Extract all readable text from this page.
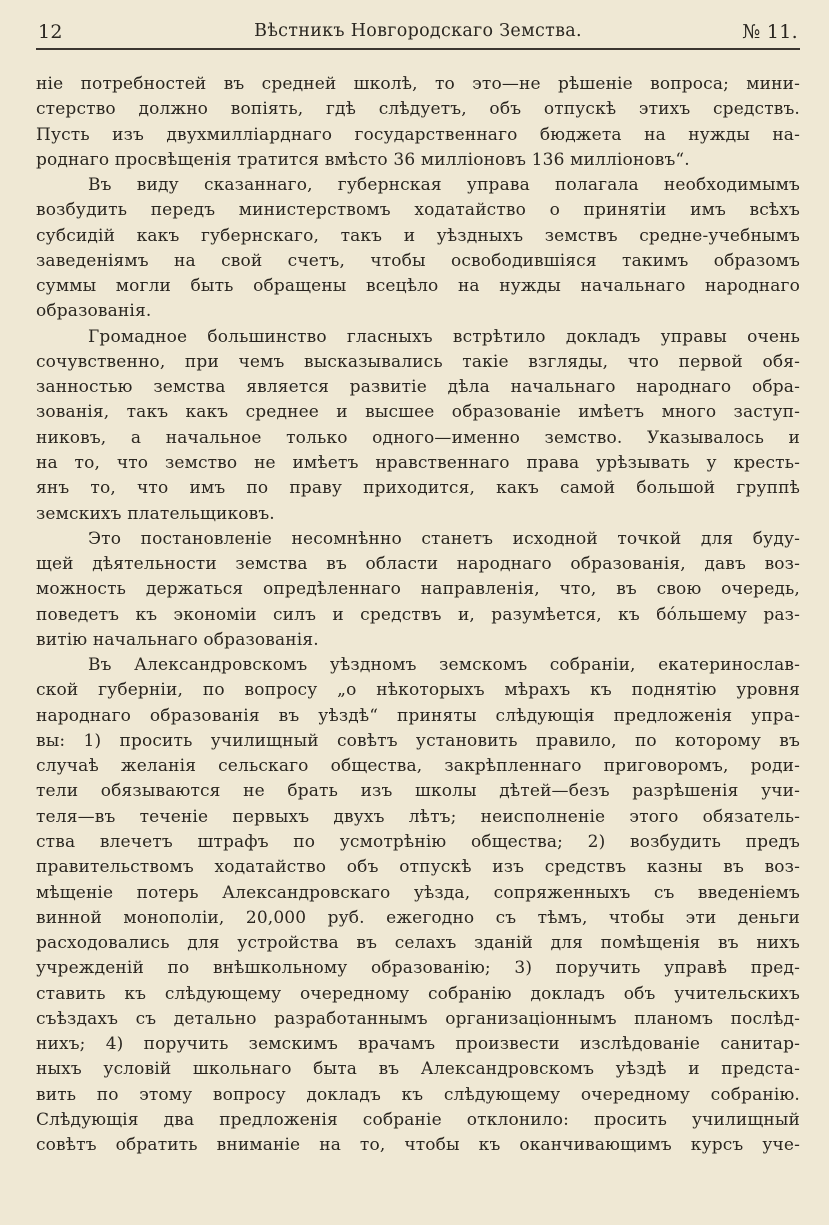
12	Вѣстникъ Новгородскаго Земства.	№ 11.
ніе потребностей въ средней школѣ, то это—не рѣшеніе вопроса; мини-
стерство должно вопіять, гдѣ слѣдуетъ, объ отпускѣ этихъ средствъ.
Пусть изъ двухмилліарднаго государственнаго бюджета на нужды на-
роднаго просвѣщенія тратится вмѣсто 36 милліоновъ 136 милліоновъ“.
Въ виду сказаннаго, губернская управа полагала необходимымъ
возбудить передъ министерствомъ ходатайство о принятіи имъ всѣхъ
субсидій какъ губернскаго, такъ и уѣздныхъ земствъ средне-учебнымъ
заведеніямъ на свой счетъ, чтобы освободившіяся такимъ образомъ
суммы могли быть обращены всецѣло на нужды начальнаго народнаго
образованія.
Громадное большинство гласныхъ встрѣтило докладъ управы очень
сочувственно, при чемъ высказывались такіе взгляды, что первой обя-
занностью земства является развитіе дѣла начальнаго народнаго обра-
зованія, такъ какъ среднее и высшее образованіе имѣетъ много заступ-
никовъ, а начальное только одного—именно земство. Указывалось и
на то, что земство не имѣетъ нравственнаго права урѣзывать у кресть-
янъ то, что имъ по праву приходится, какъ самой большой группѣ
земскихъ плательщиковъ.
Это постановленіе несомнѣнно станетъ исходной точкой для буду-
щей дѣятельности земства въ области народнаго образованія, давъ воз-
можность держаться опредѣленнаго направленія, что, въ свою очередь,
поведетъ къ экономіи силъ и средствъ и, разумѣется, къ бóльшему раз-
витію начальнаго образованія.
Въ Александровскомъ уѣздномъ земскомъ собраніи, екатеринослав-
ской губерніи, по вопросу „о нѣкоторыхъ мѣрахъ къ поднятію уровня
народнаго образованія въ уѣздѣ“ приняты слѣдующія предложенія упра-
вы: 1) просить училищный совѣтъ установить правило, по которому въ
случаѣ желанія сельскаго общества, закрѣпленнаго приговоромъ, роди-
тели обязываются не брать изъ школы дѣтей—безъ разрѣшенія учи-
теля—въ теченіе первыхъ двухъ лѣтъ; неисполненіе этого обязатель-
ства влечетъ штрафъ по усмотрѣнію общества; 2) возбудить предъ
правительствомъ ходатайство объ отпускѣ изъ средствъ казны въ воз-
мѣщеніе потерь Александровскаго уѣзда, сопряженныхъ съ введеніемъ
винной монополіи, 20,000 руб. ежегодно съ тѣмъ, чтобы эти деньги
расходовались для устройства въ селахъ зданій для помѣщенія въ нихъ
учрежденій по внѣшкольному образованію; 3) поручить управѣ пред-
ставить къ слѣдующему очередному собранію докладъ объ учительскихъ
съѣздахъ съ детально разработаннымъ организаціоннымъ планомъ послѣд-
нихъ; 4) поручить земскимъ врачамъ произвести изслѣдованіе санитар-
ныхъ условій школьнаго быта въ Александровскомъ уѣздѣ и предста-
вить по этому вопросу докладъ къ слѣдующему очередному собранію.
Слѣдующія два предложенія собраніе отклонило: просить училищный
совѣтъ обратить вниманіе на то, чтобы къ оканчивающимъ курсъ уче-
